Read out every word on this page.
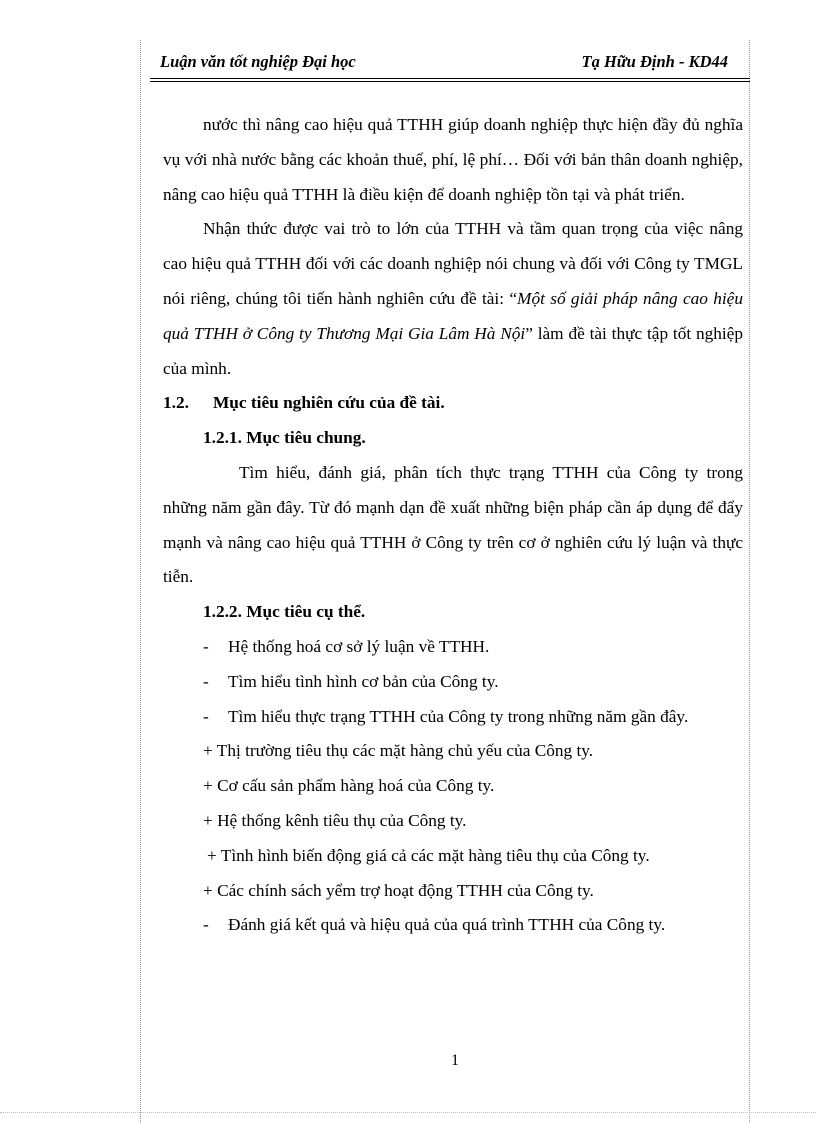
Luận văn tốt nghiệp Đại học	Tạ Hữu Định - KD44

nước thì nâng cao hiệu quả TTHH giúp doanh nghiệp thực hiện đầy đủ nghĩa vụ với nhà nước bằng các khoản thuế, phí, lệ phí… Đối với bản thân doanh nghiệp, nâng cao hiệu quả TTHH là điều kiện để doanh nghiệp tồn tại và phát triển.

Nhận thức được vai trò to lớn của TTHH và tầm quan trọng của việc nâng cao hiệu quả TTHH đối với các doanh nghiệp nói chung và đối với Công ty TMGL nói riêng, chúng tôi tiến hành nghiên cứu đề tài: “Một số giải pháp nâng cao hiệu quả TTHH ở Công ty Thương Mại Gia Lâm Hà Nội” làm đề tài thực tập tốt nghiệp của mình.

1.2. Mục tiêu nghiên cứu của đề tài.

1.2.1. Mục tiêu chung.

Tìm hiểu, đánh giá, phân tích thực trạng TTHH của Công ty trong những năm gần đây. Từ đó mạnh dạn đề xuất những biện pháp cần áp dụng để đẩy mạnh và nâng cao hiệu quả TTHH ở Công ty trên cơ ở nghiên cứu lý luận và thực tiễn.

1.2.2. Mục tiêu cụ thể.

- Hệ thống hoá cơ sở lý luận về TTHH.

- Tìm hiểu tình hình cơ bản của Công ty.

- Tìm hiểu thực trạng TTHH của Công ty trong những năm gần đây.

+ Thị trường tiêu thụ các mặt hàng chủ yếu của Công ty.

+ Cơ cấu sản phẩm hàng hoá của Công ty.

+ Hệ thống kênh tiêu thụ của Công ty.

+ Tình hình biến động giá cả các mặt hàng tiêu thụ của Công ty.

+ Các chính sách yểm trợ hoạt động TTHH của Công ty.

- Đánh giá kết quả và hiệu quả của quá trình TTHH của Công ty.

1
